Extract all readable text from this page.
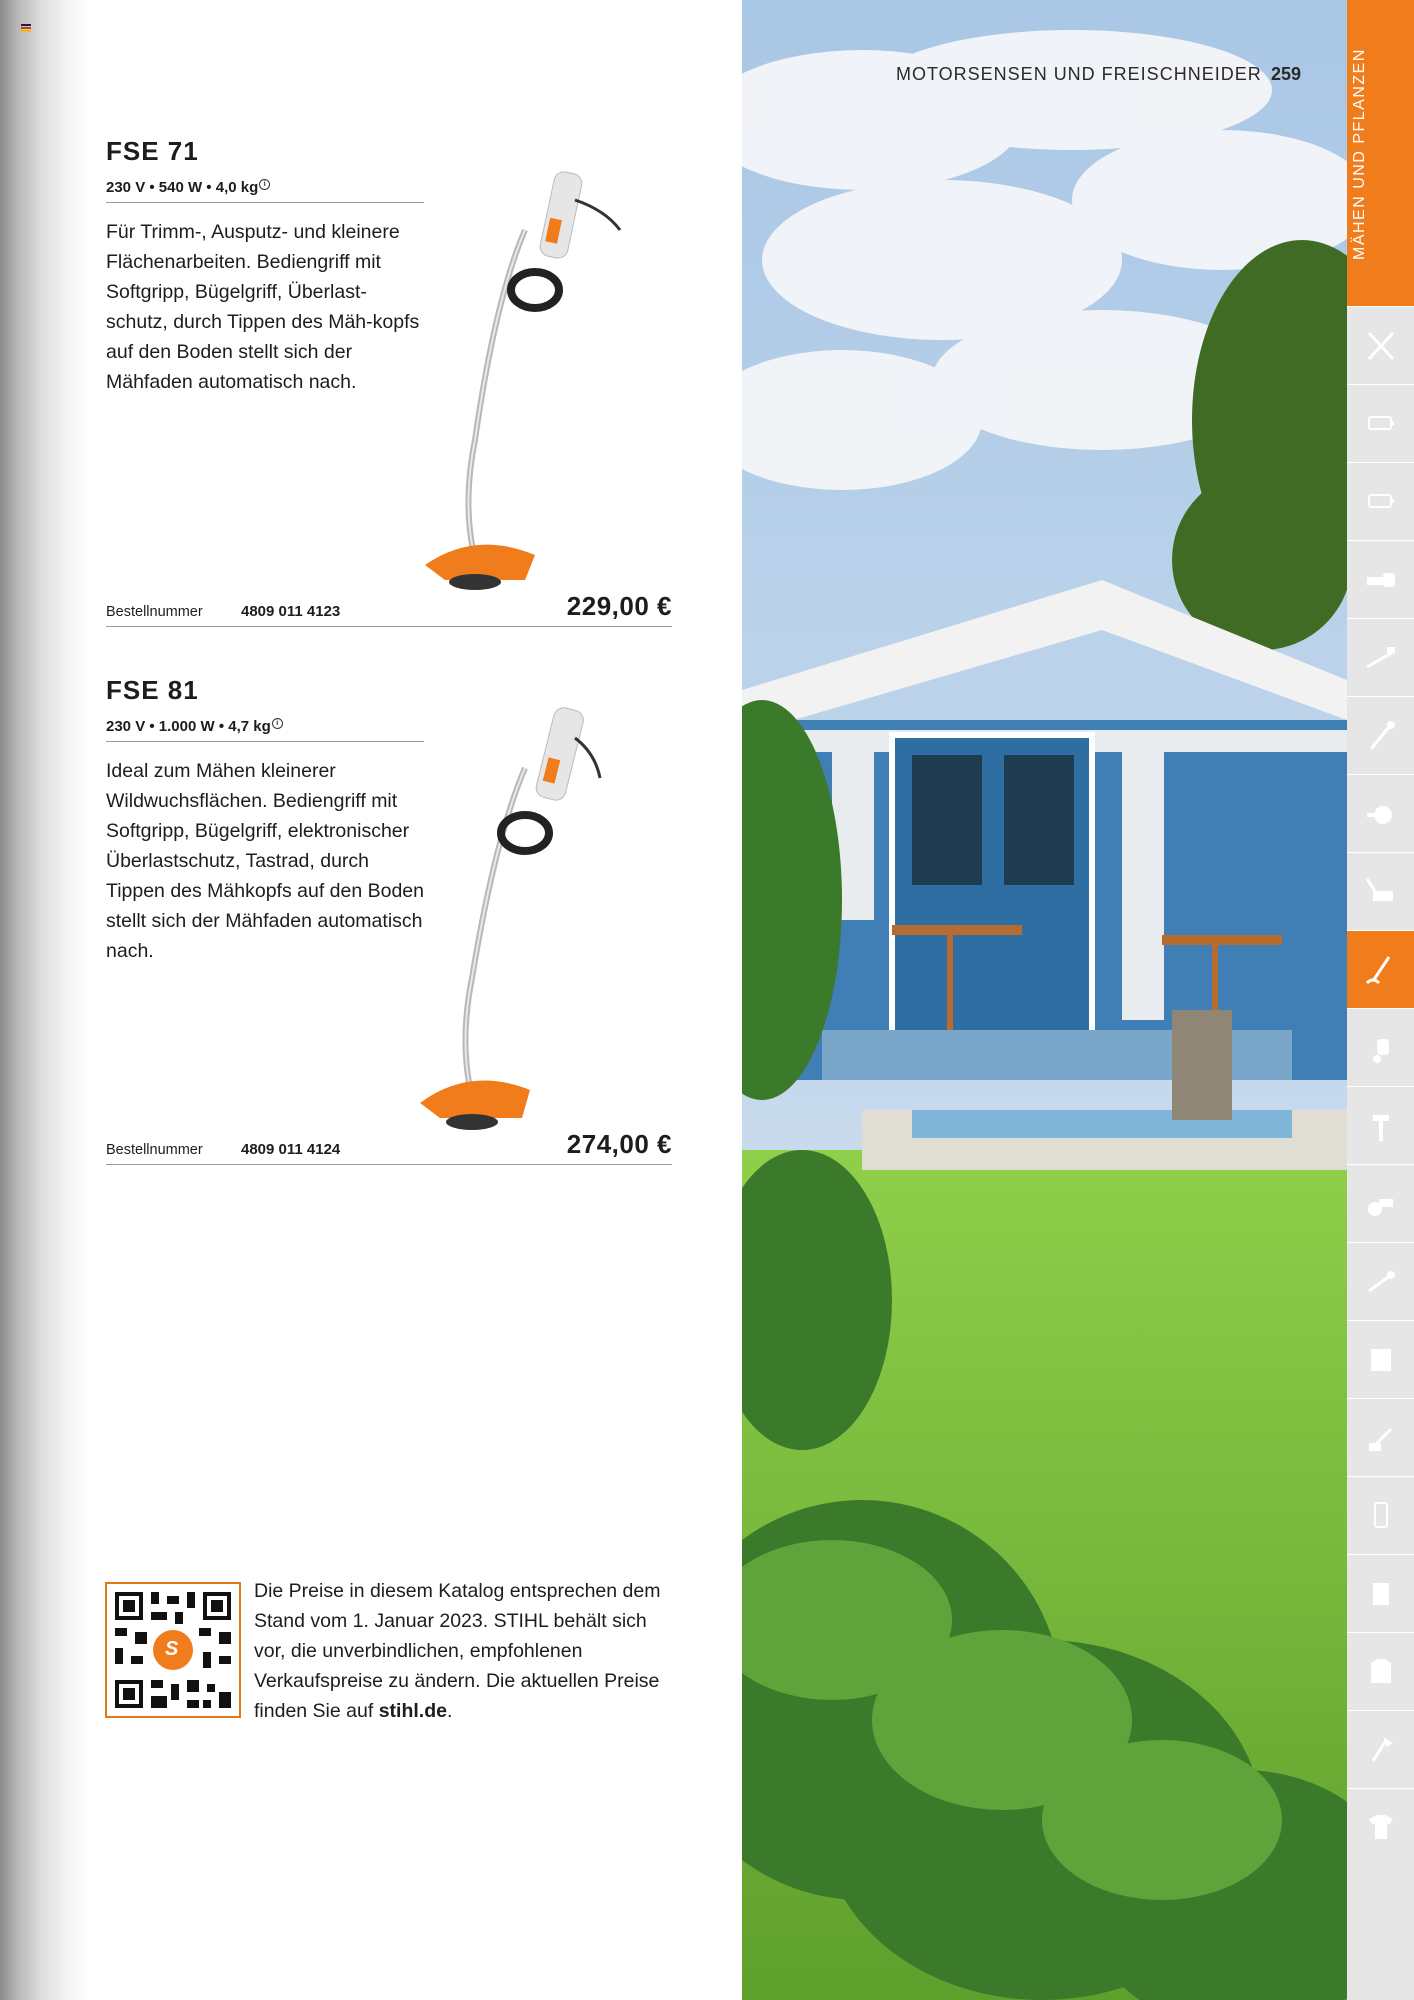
FSE 71
230 V • 540 W • 4,0 kg i
Für Trimm-, Ausputz- und kleinere Flächenarbeiten. Bediengriff mit Softgripp, Bügelgriff, Überlast-schutz, durch Tippen des Mäh-kopfs auf den Boden stellt sich der Mähfaden automatisch nach.
Bestellnummer	4809 011 4123	229,00 €
FSE 81
230 V • 1.000 W • 4,7 kg i
Ideal zum Mähen kleinerer Wildwuchsflächen. Bediengriff mit Softgripp, Bügelgriff, elektronischer Überlastschutz, Tastrad, durch Tippen des Mähkopfs auf den Boden stellt sich der Mähfaden automatisch nach.
Bestellnummer	4809 011 4124	274,00 €
S
Die Preise in diesem Katalog entsprechen dem Stand vom 1. Januar 2023. STIHL behält sich vor, die unverbindlichen, empfohlenen Verkaufspreise zu ändern. Die aktuellen Preise finden Sie auf stihl.de.
MOTORSENSEN UND FREISCHNEIDER 259	MÄHEN UND PFLANZEN
